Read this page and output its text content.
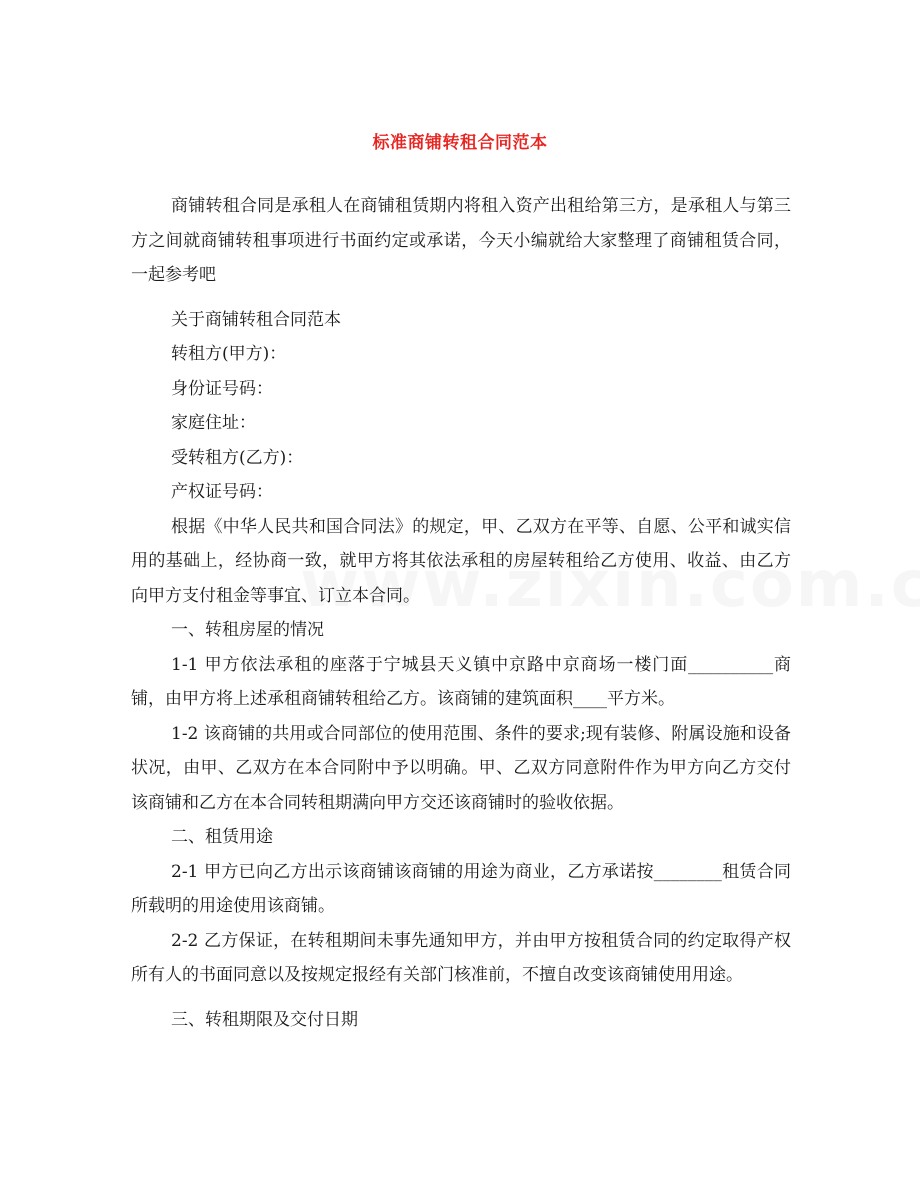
标准商铺转租合同范本

商铺转租合同是承租人在商铺租赁期内将租入资产出租给第三方，是承租人与第三方之间就商铺转租事项进行书面约定或承诺，今天小编就给大家整理了商铺租赁合同，一起参考吧

关于商铺转租合同范本

转租方(甲方)：

身份证号码：

家庭住址：

受转租方(乙方)：

产权证号码：

根据《中华人民共和国合同法》的规定，甲、乙双方在平等、自愿、公平和诚实信用的基础上，经协商一致，就甲方将其依法承租的房屋转租给乙方使用、收益、由乙方向甲方支付租金等事宜、订立本合同。

一、转租房屋的情况

1-1 甲方依法承租的座落于宁城县天义镇中京路中京商场一楼门面__________商铺，由甲方将上述承租商铺转租给乙方。该商铺的建筑面积____平方米。

1-2 该商铺的共用或合同部位的使用范围、条件的要求;现有装修、附属设施和设备状况，由甲、乙双方在本合同附中予以明确。甲、乙双方同意附件作为甲方向乙方交付该商铺和乙方在本合同转租期满向甲方交还该商铺时的验收依据。

二、租赁用途

2-1 甲方已向乙方出示该商铺该商铺的用途为商业，乙方承诺按________租赁合同所载明的用途使用该商铺。

2-2 乙方保证，在转租期间未事先通知甲方，并由甲方按租赁合同的约定取得产权所有人的书面同意以及按规定报经有关部门核准前，不擅自改变该商铺使用用途。

三、转租期限及交付日期
